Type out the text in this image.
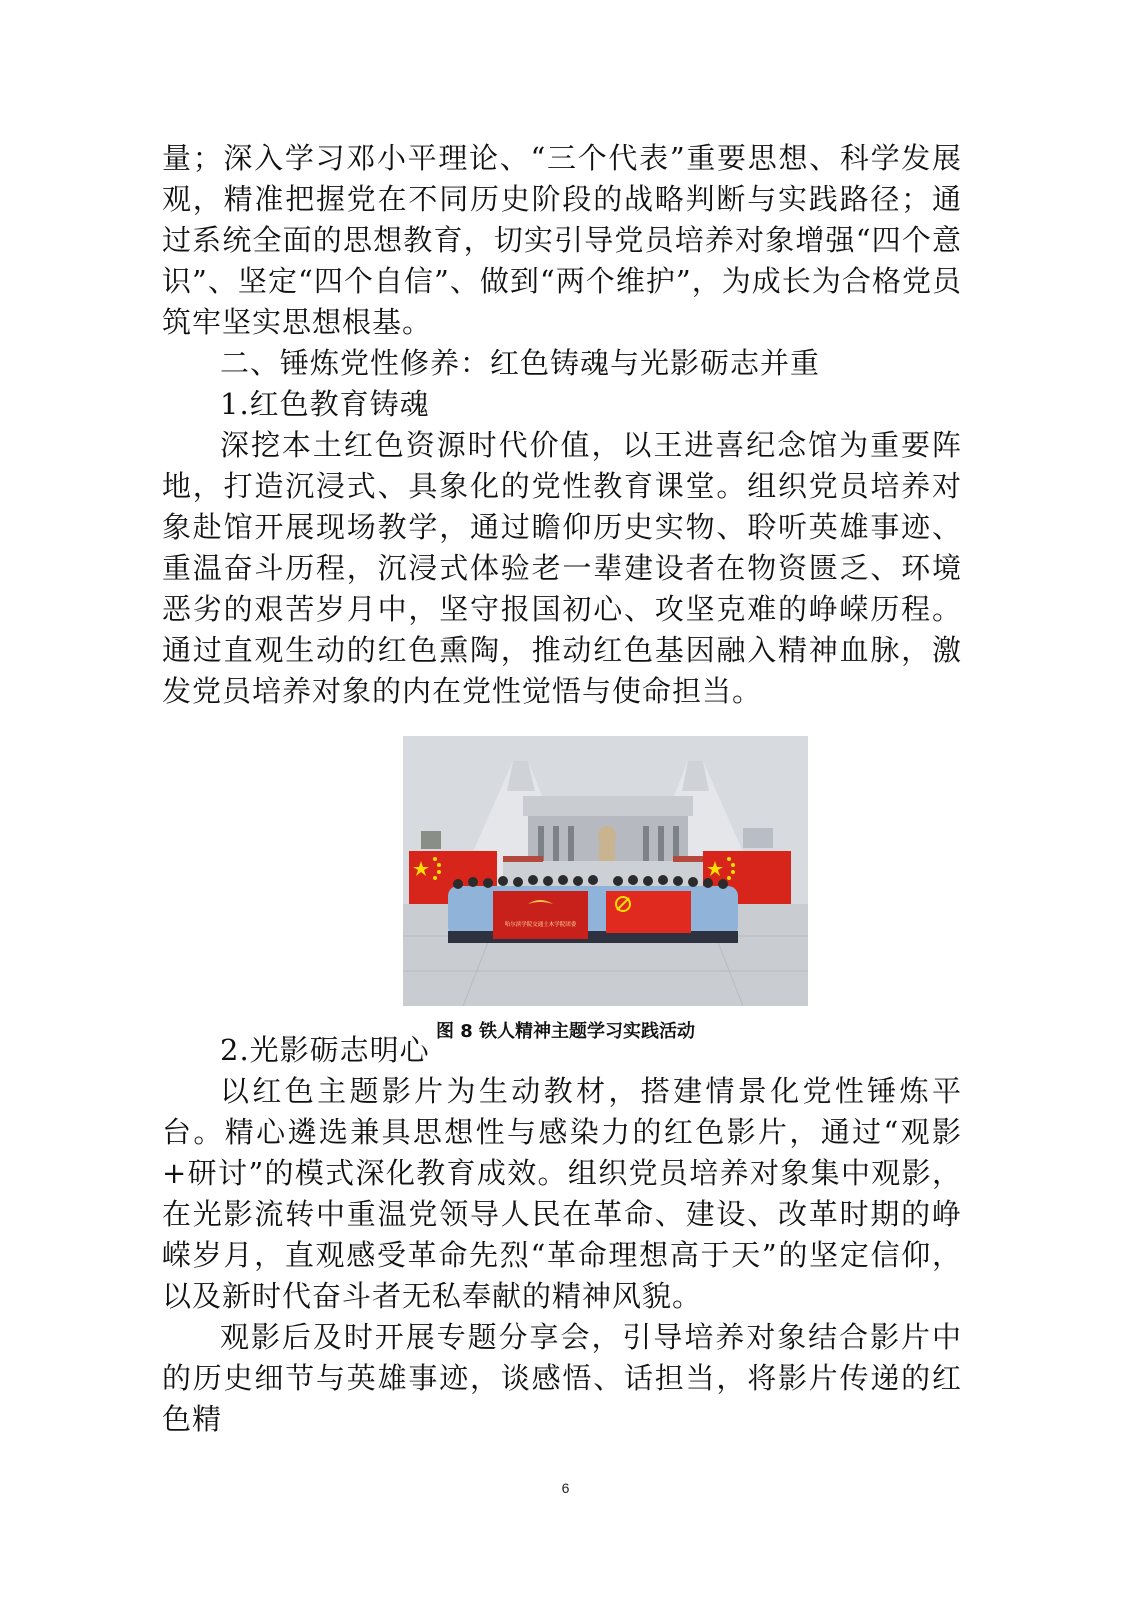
量；深入学习邓小平理论、“三个代表”重要思想、科学发展观，精准把握党在不同历史阶段的战略判断与实践路径；通过系统全面的思想教育，切实引导党员培养对象增强“四个意识”、坚定“四个自信”、做到“两个维护”，为成长为合格党员筑牢坚实思想根基。

二、锤炼党性修养：红色铸魂与光影砺志并重

1.红色教育铸魂

深挖本土红色资源时代价值，以王进喜纪念馆为重要阵地，打造沉浸式、具象化的党性教育课堂。组织党员培养对象赴馆开展现场教学，通过瞻仰历史实物、聆听英雄事迹、重温奋斗历程，沉浸式体验老一辈建设者在物资匮乏、环境恶劣的艰苦岁月中，坚守报国初心、攻坚克难的峥嵘历程。通过直观生动的红色熏陶，推动红色基因融入精神血脉，激发党员培养对象的内在党性觉悟与使命担当。

哈尔滨学院交通土木学院团委
图 8 铁人精神主题学习实践活动

2.光影砺志明心

以红色主题影片为生动教材，搭建情景化党性锤炼平台。精心遴选兼具思想性与感染力的红色影片，通过“观影+研讨”的模式深化教育成效。组织党员培养对象集中观影，在光影流转中重温党领导人民在革命、建设、改革时期的峥嵘岁月，直观感受革命先烈“革命理想高于天”的坚定信仰，以及新时代奋斗者无私奉献的精神风貌。

观影后及时开展专题分享会，引导培养对象结合影片中的历史细节与英雄事迹，谈感悟、话担当，将影片传递的红色精

6
